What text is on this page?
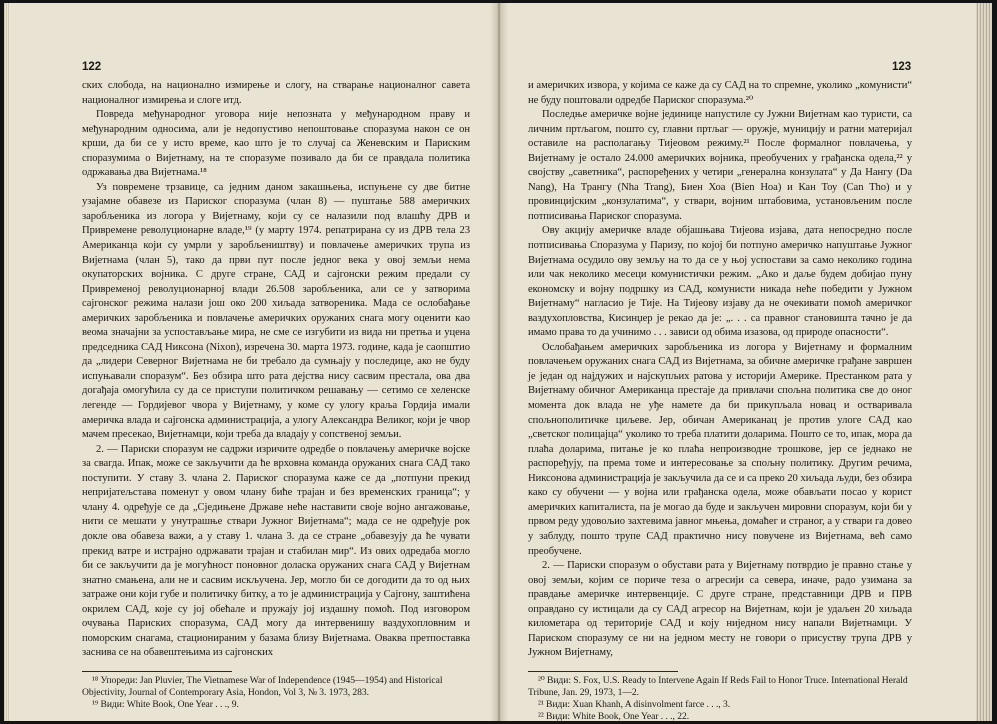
122

ских слобода, на национално измирење и слогу, на стварање националног савета националног измирења и слоге итд.

Повреда међународног уговора није непозната у међународном праву и међународним односима, али је недопустиво непоштовање споразума након се он крши, да би се у исто време, као што је то случај са Женевским и Париским споразумима о Вијетнаму, на те споразуме позивало да би се правдала политика одржавања два Вијетнама.¹⁸

Уз повремене трзавице, са једним даном закашњења, испуњене су две битне узајамне обавезе из Париског споразума (члан 8) — пуштање 588 америчких заробљеника из логора у Вијетнаму, који су се налазили под влашћу ДРВ и Привремене револуционарне владе,¹⁹ (у марту 1974. репатрирана су из ДРВ тела 23 Американца који су умрли у заробљеништву) и повлачење америчких трупа из Вијетнама (члан 5), тако да први пут после једног века у овој земљи нема окупаторских војника. С друге стране, САД и сајгонски режим предали су Привременој револуционарној влади 26.508 заробљеника, али се у затворима сајгонског режима налази још око 200 хиљада затвореника. Мада се ослобађање америчких заробљеника и повлачење америчких оружаних снага могу оценити као веома значајни за успостављање мира, не сме се изгубити из вида ни претња и уцена председника САД Никсона (Nixon), изречена 30. марта 1973. године, када је саопштио да „лидери Северног Вијетнама не би требало да сумњају у последице, ако не буду испуњавали споразум“. Без обзира што рата дејства нису сасвим престала, ова два догађаја омогућила су да се приступи политичком решавању — сетимо се хеленске легенде — Гордијевог чвора у Вијетнаму, у коме су улогу краља Гордија имали америчка влада и сајгонска администрација, а улогу Александра Великог, који је чвор мачем пресекао, Вијетнамци, који треба да владају у сопственој земљи.

2. — Париски споразум не садржи изричите одредбе о повлачењу америчке војске за свагда. Ипак, може се закључити да ће врховна команда оружаних снага САД тако поступити. У ставу 3. члана 2. Париског споразума каже се да „потпуни прекид непријатељстава поменут у овом члану биће трајан и без временских граница“; у члану 4. одређује се да „Сједињене Државе неће наставити своје војно ангажовање, нити се мешати у унутрашње ствари Јужног Вијетнама“; мада се не одређује рок докле ова обавеза важи, а у ставу 1. члана 3. да се стране „обавезују да ће чувати прекид ватре и истрајно одржавати трајан и стабилан мир“. Из ових одредаба могло би се закључити да је могућност поновног доласка оружаних снага САД у Вијетнам знатно смањена, али не и сасвим искључена. Јер, могло би се догодити да то од њих затраже они који губе и политичку битку, а то је администрација у Сајгону, заштићена окрилем САД, које су јој обећале и пружају јој издашну помоћ. Под изговором очувања Париских споразума, САД могу да интервенишу ваздухопловним и поморским снагама, стационираним у базама близу Вијетнама. Оваква претпоставка заснива се на обавештењима из сајгонских

¹⁸ Упореди: Jan Pluvier, The Vietnamese War of Independence (1945—1954) and Historical Objectivity, Journal of Contemporary Asia, Hondon, Vol 3, № 3. 1973, 283.

¹⁹ Види: White Book, One Year . . ., 9.

123

и америчких извора, у којима се каже да су САД на то спремне, уколико „комунисти“ не буду поштовали одредбе Париског споразума.²⁰

Последње америчке војне јединице напустиле су Јужни Вијетнам као туристи, са личним пртљагом, пошто су, главни пртљаг — оружје, муницију и ратни материјал оставиле на располагању Тијеовом режиму.²¹ После формалног повлачења, у Вијетнаму је остало 24.000 америчких војника, преобучених у грађанска одела,²² у својству „саветника“, распоређених у четири „генерална конзулата“ у Да Нангу (Da Nang), На Трангу (Nha Trang), Биен Хоа (Bien Hoa) и Кан Тоу (Can Tho) и у провинцијским „конзулатима“, у ствари, војним штабовима, установљеним после потписивања Париског споразума.

Ову акцију америчке владе објашњава Тијеова изјава, дата непосредно после потписивања Споразума у Паризу, по којој би потпуно америчко напуштање Јужног Вијетнама осудило ову земљу на то да се у њој успостави за само неколико година или чак неколико месеци комунистички режим. „Ако и даље будем добијао пуну економску и војну подршку из САД, комунисти никада неће победити у Јужном Вијетнаму“ нагласио је Тије. На Тијеову изјаву да не очекивати помоћ америчког ваздухопловства, Кисинџер је рекао да је: „. . . са правног становишта тачно је да имамо права то да учинимо . . . зависи од обима изазова, од природе опасности“.

Ослобађањем америчких заробљеника из логора у Вијетнаму и формалним повлачењем оружаних снага САД из Вијетнама, за обичне америчке грађане завршен је један од најдужих и најскупљих ратова у историји Америке. Престанком рата у Вијетнаму обичног Американца престаје да привлачи спољна политика све до оног момента док влада не уђе намете да би прикупљала новац и остваривала спољнополитичке циљеве. Јер, обичан Американац је против улоге САД као „светског полицајца“ уколико то треба платити доларима. Пошто се то, ипак, мора да плаћа доларима, питање је ко плаћа непроизводне трошкове, јер се једнако не распоређују, па према томе и интересовање за спољну политику. Другим речима, Никсонова администрација је закључила да се и са преко 20 хиљада људи, без обзира како су обучени — у војна или грађанска одела, може обављати посао у корист америчких капиталиста, па је могао да буде и закључен мировни споразум, који би у првом реду удовољио захтевима јавног мњења, домаћег и страног, а у ствари га довео у заблуду, пошто трупе САД практично нису повучене из Вијетнама, већ само преобучене.

2. — Париски споразум о обустави рата у Вијетнаму потврдио је правно стање у овој земљи, којим се пориче теза о агресији са севера, иначе, радо узимана за правдање америчке интервенције. С друге стране, представници ДРВ и ПРВ оправдано су истицали да су САД агресор на Вијетнам, који је удаљен 20 хиљада километара од територије САД и коју ниједном нису напали Вијетнамци. У Париском споразуму се ни на једном месту не говори о присуству трупа ДРВ у Јужном Вијетнаму,

²⁰ Види: S. Fox, U.S. Ready to Intervene Again If Reds Fail to Honor Truce. International Herald Tribune, Jan. 29, 1973, 1—2.

²¹ Види: Xuan Khanh, A disinvolment farce . . ., 3.

²² Види: White Book, One Year . . ., 22.
